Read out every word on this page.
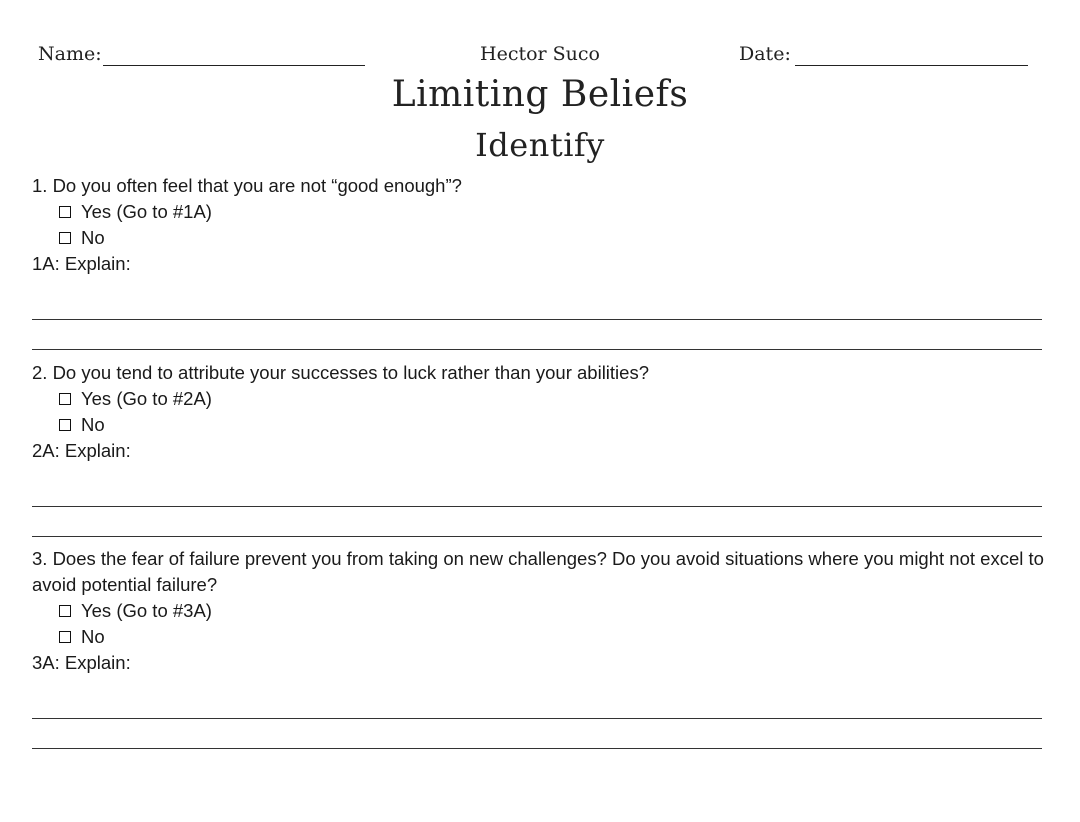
Name:	Hector Suco	Date:
Limiting Beliefs
Identify

1. Do you often feel that you are not “good enough”?

Yes (Go to #1A)
No

1A: Explain:

2. Do you tend to attribute your successes to luck rather than your abilities?

Yes (Go to #2A)
No

2A: Explain:

3. Does the fear of failure prevent you from taking on new challenges? Do you avoid situations where you might not excel to avoid potential failure?

Yes (Go to #3A)
No

3A: Explain:
